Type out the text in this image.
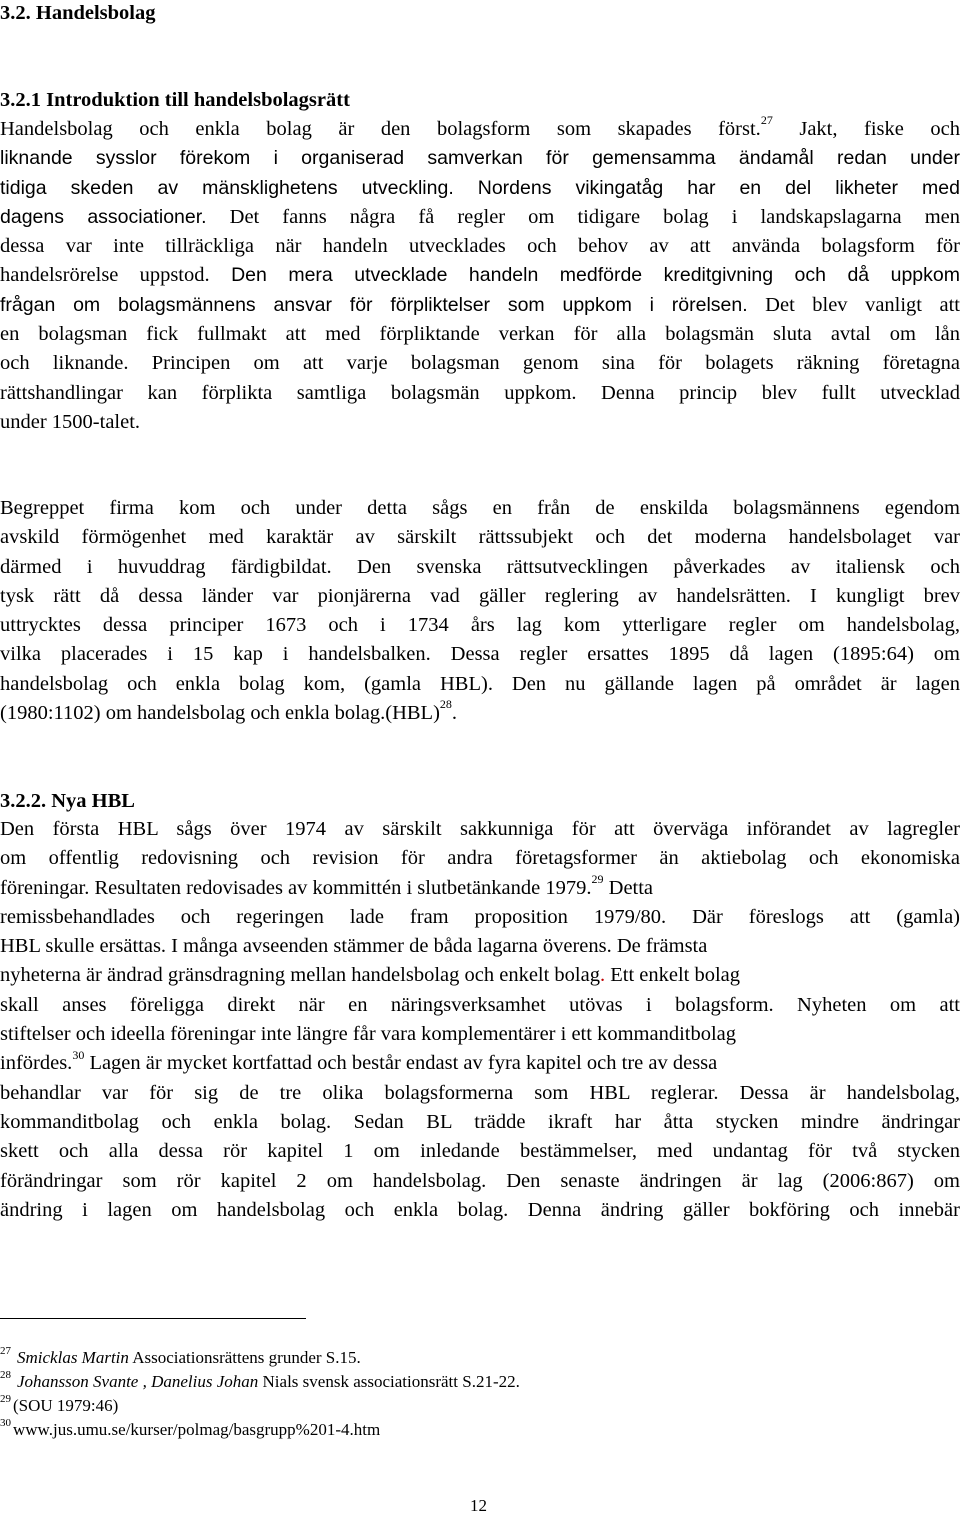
3.2. Handelsbolag
3.2.1 Introduktion till handelsbolagsrätt
Handelsbolag och enkla bolag är den bolagsform som skapades först.$^{27}$ Jakt, fiske och
liknande sysslor förekom i organiserad samverkan för gemensamma ändamål redan under
tidiga skeden av mänsklighetens utveckling. Nordens vikingatåg har en del likheter med
dagens associationer. Det fanns några få regler om tidigare bolag i landskapslagarna men
dessa var inte tillräckliga när handeln utvecklades och behov av att använda bolagsform för
handelsrörelse uppstod. Den mera utvecklade handeln medförde kreditgivning och då uppkom
frågan om bolagsmännens ansvar för förpliktelser som uppkom i rörelsen. Det blev vanligt att
en bolagsman fick fullmakt att med förpliktande verkan för alla bolagsmän sluta avtal om lån
och liknande. Principen om att varje bolagsman genom sina för bolagets räkning företagna
rättshandlingar kan förplikta samtliga bolagsmän uppkom. Denna princip blev fullt utvecklad
under 1500-talet.
Begreppet firma kom och under detta sågs en från de enskilda bolagsmännens egendom
avskild förmögenhet med karaktär av särskilt rättssubjekt och det moderna handelsbolaget var
därmed i huvuddrag färdigbildat. Den svenska rättsutvecklingen påverkades av italiensk och
tysk rätt då dessa länder var pionjärerna vad gäller reglering av handelsrätten. I kungligt brev
uttrycktes dessa principer 1673 och i 1734 års lag kom ytterligare regler om handelsbolag,
vilka placerades i 15 kap i handelsbalken. Dessa regler ersattes 1895 då lagen (1895:64) om
handelsbolag och enkla bolag kom, (gamla HBL). Den nu gällande lagen på området är lagen
(1980:1102) om handelsbolag och enkla bolag.(HBL)$^{28}$.
3.2.2. Nya HBL
Den första HBL sågs över 1974 av särskilt sakkunniga för att överväga införandet av lagregler
om offentlig redovisning och revision för andra företagsformer än aktiebolag och ekonomiska
föreningar. Resultaten redovisades av kommittén i slutbetänkande 1979.29 Detta
remissbehandlades och regeringen lade fram proposition 1979/80. Där föreslogs att (gamla)
HBL skulle ersättas. I många avseenden stämmer de båda lagarna överens. De främsta
nyheterna är ändrad gränsdragning mellan handelsbolag och enkelt bolag. Ett enkelt bolag
skall anses föreligga direkt när en näringsverksamhet utövas i bolagsform. Nyheten om att
stiftelser och ideella föreningar inte längre får vara komplementärer i ett kommanditbolag
infördes.$^{30}$ Lagen är mycket kortfattad och består endast av fyra kapitel och tre av dessa
behandlar var för sig de tre olika bolagsformerna som HBL reglerar. Dessa är handelsbolag,
kommanditbolag och enkla bolag. Sedan BL trädde ikraft har åtta stycken mindre ändringar
skett och alla dessa rör kapitel 1 om inledande bestämmelser, med undantag för två stycken
förändringar som rör kapitel 2 om handelsbolag. Den senaste ändringen är lag (2006:867) om
ändring i lagen om handelsbolag och enkla bolag. Denna ändring gäller bokföring och innebär
$^{27}$ Smicklas Martin Associationsrättens grunder S.15.
$^{28}$ Johansson Svante , Danelius Johan Nials svensk associationsrätt S.21-22.
$^{29}$ (SOU 1979:46)
$^{30}$ www.jus.umu.se/kurser/polmag/basgrupp%201-4.htm
12
